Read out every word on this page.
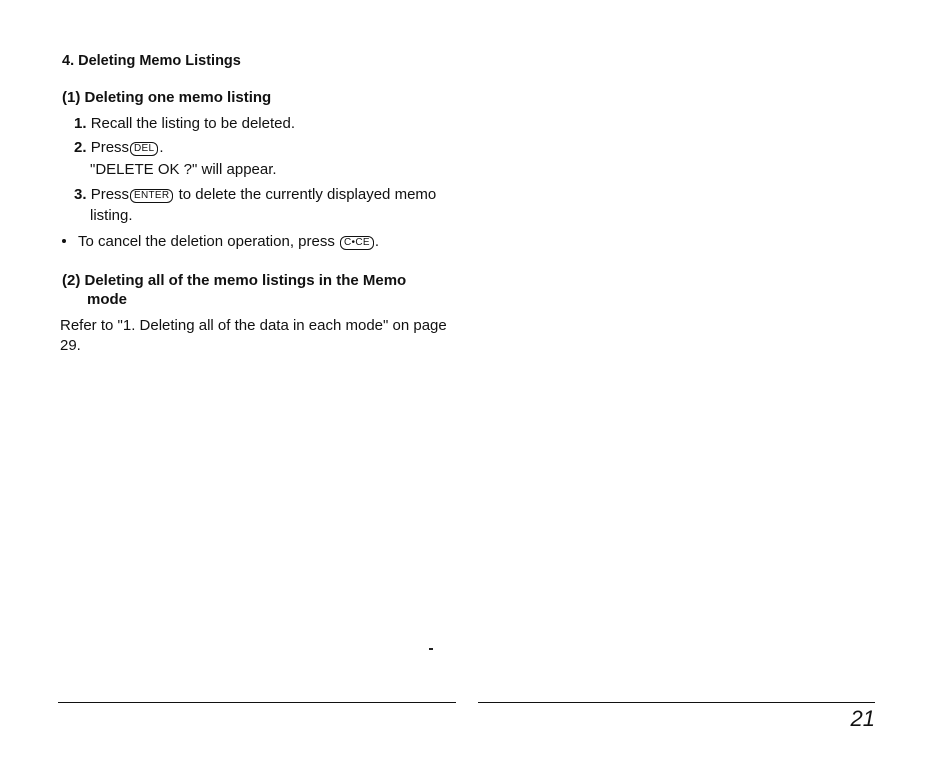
4. Deleting Memo Listings
(1) Deleting one memo listing
1. Recall the listing to be deleted.
2. Press DEL .
"DELETE OK ?" will appear.
3. Press ENTER to delete the currently displayed memo
listing.
To cancel the deletion operation, press C•CE .
(2) Deleting all of the memo listings in the Memo
mode
Refer to "1. Deleting all of the data in each mode" on page
29.
21
